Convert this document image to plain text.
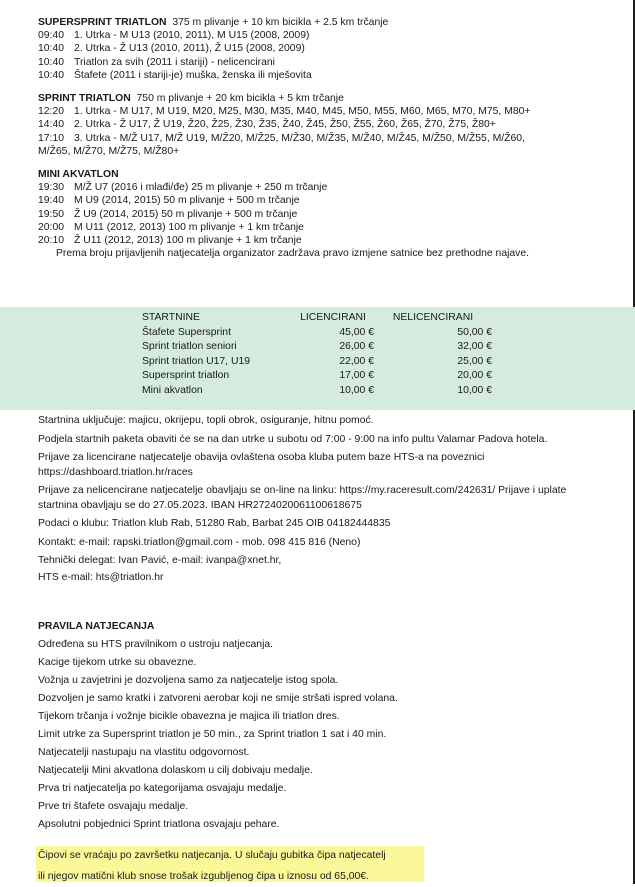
SUPERSPRINT TRIATLON 375 m plivanje + 10 km bicikla + 2.5 km trčanje
09:40 1. Utrka - M U13 (2010, 2011), M U15 (2008, 2009)
10:40 2. Utrka - Ž U13 (2010, 2011), Ž U15 (2008, 2009)
10:40 Triatlon za svih (2011 i stariji) - nelicencirani
10:40 Štafete (2011 i stariji-je) muška, ženska ili mješovita
SPRINT TRIATLON 750 m plivanje + 20 km bicikla + 5 km trčanje
12:20 1. Utrka - M U17, M U19, M20, M25, M30, M35, M40, M45, M50, M55, M60, M65, M70, M75, M80+
14:40 2. Utrka - Ž U17, Ž U19, Ž20, Ž25, Ž30, Ž35, Ž40, Ž45, Ž50, Ž55, Ž60, Ž65, Ž70, Ž75, Ž80+
17:10 3. Utrka - M/Ž U17, M/Ž U19, M/Ž20, M/Ž25, M/Ž30, M/Ž35, M/Ž40, M/Ž45, M/Ž50, M/Ž55, M/Ž60,
M/Ž65, M/Ž70, M/Ž75, M/Ž80+
MINI AKVATLON
19:30 M/Ž U7 (2016 i mlađi/đe) 25 m plivanje + 250 m trčanje
19:40 M U9 (2014, 2015) 50 m plivanje + 500 m trčanje
19:50 Ž U9 (2014, 2015) 50 m plivanje + 500 m trčanje
20:00 M U11 (2012, 2013) 100 m plivanje + 1 km trčanje
20:10 Ž U11 (2012, 2013) 100 m plivanje + 1 km trčanje
Prema broju prijavljenih natjecatelja organizator zadržava pravo izmjene satnice bez prethodne najave.
STARTNINE	LICENCIRANI	NELICENCIRANI
Štafete Supersprint	45,00 €	50,00 €
Sprint triatlon seniori	26,00 €	32,00 €
Sprint triatlon U17, U19	22,00 €	25,00 €
Supersprint triatlon	17,00 €	20,00 €
Mini akvatlon	10,00 €	10,00 €

Startnina uključuje: majicu, okrijepu, topli obrok, osiguranje, hitnu pomoć.

Podjela startnih paketa obaviti će se na dan utrke u subotu od 7:00 - 9:00 na info pultu Valamar Padova hotela.

Prijave za licencirane natjecatelje obavija ovlaštena osoba kluba putem baze HTS-a na poveznici https://dashboard.triatlon.hr/races

Prijave za nelicencirane natjecatelje obavljaju se on-line na linku: https://my.raceresult.com/242631/ Prijave i uplate startnina obavljaju se do 27.05.2023. IBAN HR2724020061100618675

Podaci o klubu: Triatlon klub Rab, 51280 Rab, Barbat 245 OIB 04182444835

Kontakt: e-mail: rapski.triatlon@gmail.com - mob. 098 415 816 (Neno)

Tehnički delegat: Ivan Pavić, e-mail: ivanpa@xnet.hr,

HTS e-mail: hts@triatlon.hr

PRAVILA NATJECANJA

Određena su HTS pravilnikom o ustroju natjecanja.

Kacige tijekom utrke su obavezne.

Vožnja u zavjetrini je dozvoljena samo za natjecatelje istog spola.

Dozvoljen je samo kratki i zatvoreni aerobar koji ne smije stršati ispred volana.

Tijekom trčanja i vožnje bicikle obavezna je majica ili triatlon dres.

Limit utrke za Supersprint triatlon je 50 min., za Sprint triatlon 1 sat i 40 min.

Natjecatelji nastupaju na vlastitu odgovornost.

Natjecatelji Mini akvatlona dolaskom u cilj dobivaju medalje.

Prva tri natjecatelja po kategorijama osvajaju medalje.

Prve tri štafete osvajaju medalje.

Apsolutni pobjednici Sprint triatlona osvajaju pehare.

Čipovi se vraćaju po završetku natjecanja. U slučaju gubitka čipa natjecatelj

ili njegov matični klub snose trošak izgubljenog čipa u iznosu od 65,00€.
